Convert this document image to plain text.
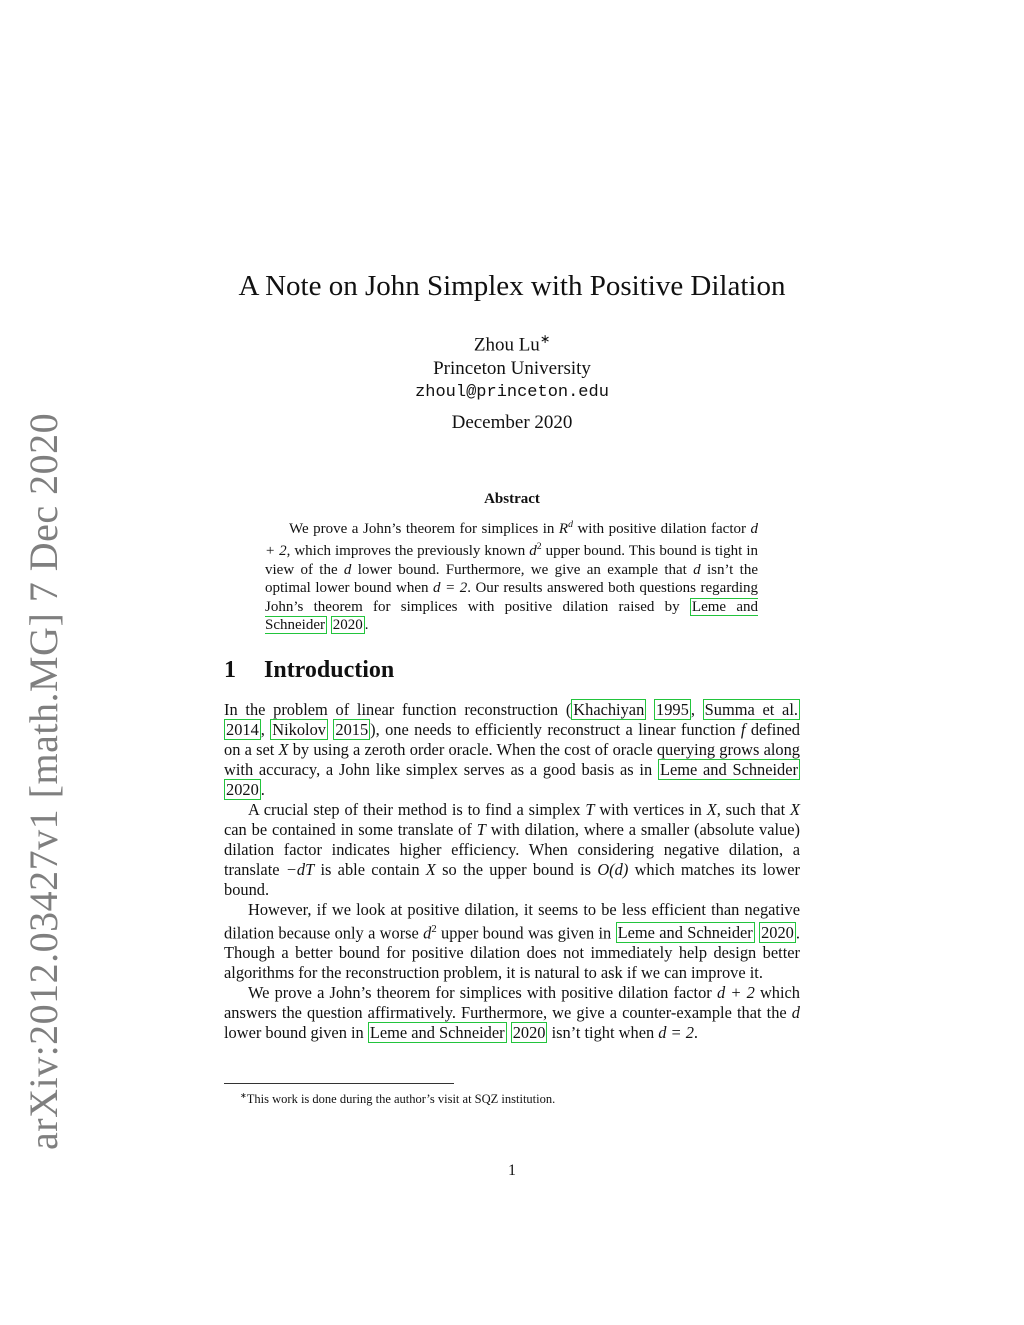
arXiv:2012.03427v1 [math.MG] 7 Dec 2020
A Note on John Simplex with Positive Dilation
Zhou Lu∗
Princeton University
zhoul@princeton.edu
December 2020
Abstract
We prove a John’s theorem for simplices in $R^d$ with positive dilation factor d + 2, which improves the previously known $d^2$ upper bound. This bound is tight in view of the d lower bound. Furthermore, we give an example that d isn’t the optimal lower bound when d = 2. Our results answered both questions regarding John’s theorem for simplices with positive dilation raised by Leme and Schneider 2020 .
1 Introduction

In the problem of linear function reconstruction ( Khachiyan 1995 , Summa et al. 2014 , Nikolov 2015 ), one needs to efficiently reconstruct a linear function f defined on a set X by using a zeroth order oracle. When the cost of oracle querying grows along with accuracy, a John like simplex serves as a good basis as in Leme and Schneider 2020 .

A crucial step of their method is to find a simplex T with vertices in X, such that X can be contained in some translate of T with dilation, where a smaller (absolute value) dilation factor indicates higher efficiency. When considering negative dilation, a translate −dT is able contain X so the upper bound is O(d) which matches its lower bound.

However, if we look at positive dilation, it seems to be less efficient than negative dilation because only a worse $d^2$ upper bound was given in Leme and Schneider 2020 . Though a better bound for positive dilation does not immediately help design better algorithms for the reconstruction problem, it is natural to ask if we can improve it.

We prove a John’s theorem for simplices with positive dilation factor d + 2 which answers the question affirmatively. Furthermore, we give a counter-example that the d lower bound given in Leme and Schneider 2020 isn’t tight when d = 2.

∗This work is done during the author’s visit at SQZ institution.
1
